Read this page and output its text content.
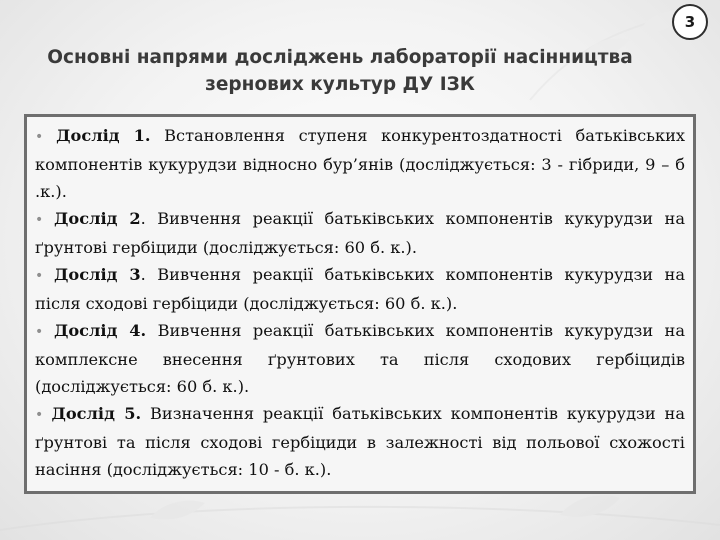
3
Основні напрями досліджень лабораторії насінництва
зернових культур ДУ ІЗК

• Дослід 1. Встановлення ступеня конкурентоздатності батьківських компонентів кукурудзи відносно бур’янів (досліджується: 3 - гібриди, 9 – б .к.).

• Дослід 2. Вивчення реакції батьківських компонентів кукурудзи на ґрунтові гербіциди (досліджується: 60 б. к.).

• Дослід 3. Вивчення реакції батьківських компонентів кукурудзи на після сходові гербіциди (досліджується: 60 б. к.).

• Дослід 4. Вивчення реакції батьківських компонентів кукурудзи на комплексне внесення ґрунтових та після сходових гербіцидів (досліджується: 60 б. к.).

• Дослід 5. Визначення реакції батьківських компонентів кукурудзи на ґрунтові та після сходові гербіциди в залежності від польової схожості насіння (досліджується: 10 - б. к.).
